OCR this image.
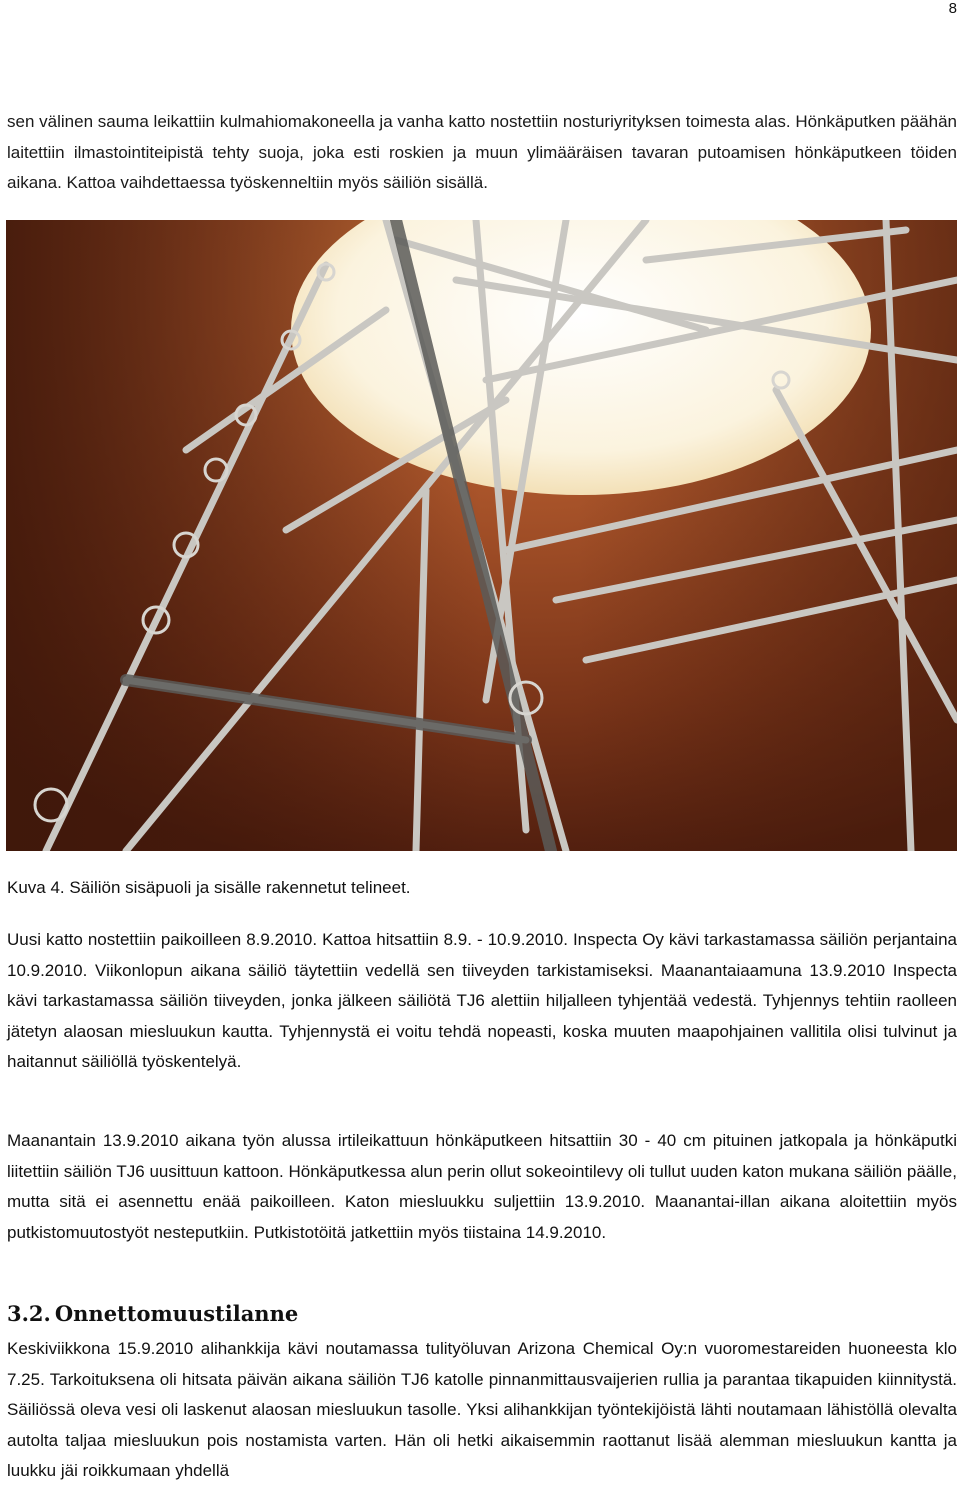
8

sen välinen sauma leikattiin kulmahiomakoneella ja vanha katto nostettiin nosturiyrityksen toimesta alas. Hönkäputken päähän laitettiin ilmastointiteipistä tehty suoja, joka esti roskien ja muun ylimääräisen tavaran putoamisen hönkäputkeen töiden aikana. Kattoa vaihdettaessa työskenneltiin myös säiliön sisällä.

Kuva 4. Säiliön sisäpuoli ja sisälle rakennetut telineet.

Uusi katto nostettiin paikoilleen 8.9.2010. Kattoa hitsattiin 8.9. - 10.9.2010. Inspecta Oy kävi tarkastamassa säiliön perjantaina 10.9.2010. Viikonlopun aikana säiliö täytettiin vedellä sen tiiveyden tarkistamiseksi. Maanantaiaamuna 13.9.2010 Inspecta kävi tarkastamassa säiliön tiiveyden, jonka jälkeen säiliötä TJ6 alettiin hiljalleen tyhjentää vedestä. Tyhjennys tehtiin raolleen jätetyn alaosan miesluukun kautta. Tyhjennystä ei voitu tehdä nopeasti, koska muuten maapohjainen vallitila olisi tulvinut ja haitannut säiliöllä työskentelyä.

Maanantain 13.9.2010 aikana työn alussa irtileikattuun hönkäputkeen hitsattiin 30 - 40 cm pituinen jatkopala ja hönkäputki liitettiin säiliön TJ6 uusittuun kattoon. Hönkäputkessa alun perin ollut sokeointilevy oli tullut uuden katon mukana säiliön päälle, mutta sitä ei asennettu enää paikoilleen. Katon miesluukku suljettiin 13.9.2010. Maanantai-illan aikana aloitettiin myös putkistomuutostyöt nesteputkiin. Putkistotöitä jatkettiin myös tiistaina 14.9.2010.

3.2. Onnettomuustilanne

Keskiviikkona 15.9.2010 alihankkija kävi noutamassa tulityöluvan Arizona Chemical Oy:n vuoromestareiden huoneesta klo 7.25. Tarkoituksena oli hitsata päivän aikana säiliön TJ6 katolle pinnanmittausvaijerien rullia ja parantaa tikapuiden kiinnitystä. Säiliössä oleva vesi oli laskenut alaosan miesluukun tasolle. Yksi alihankkijan työntekijöistä lähti noutamaan lähistöllä olevalta autolta taljaa miesluukun pois nostamista varten. Hän oli hetki aikaisemmin raottanut lisää alemman miesluukun kantta ja luukku jäi roikkumaan yhdellä
